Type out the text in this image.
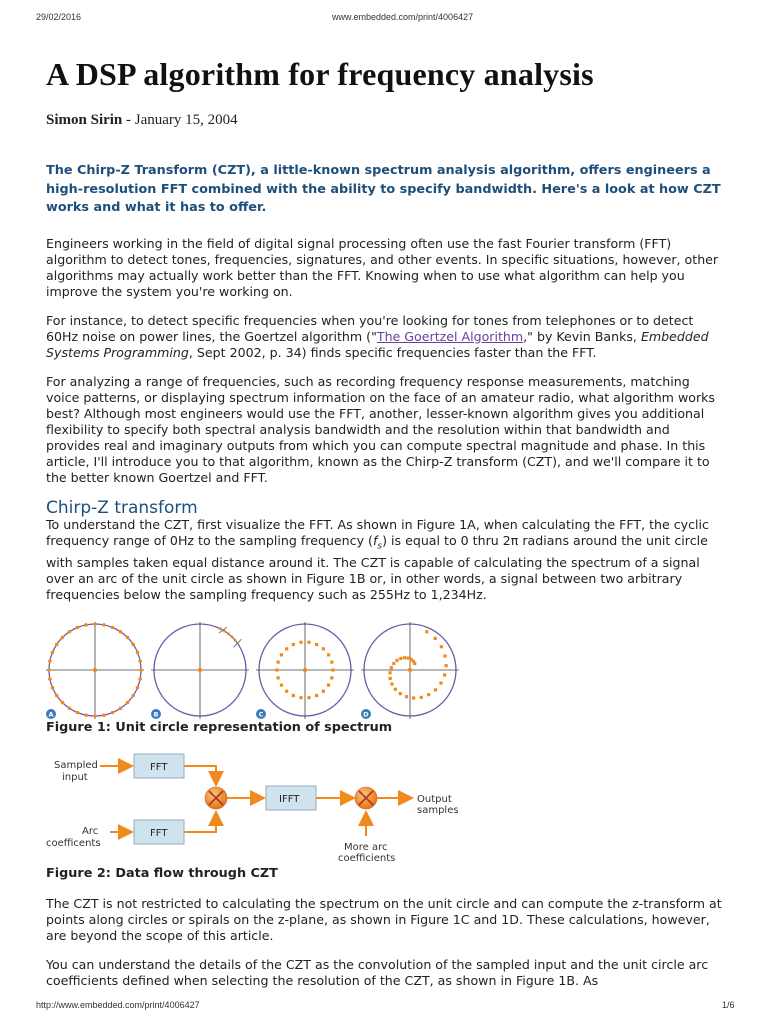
29/02/2016	www.embedded.com/print/4006427
A DSP algorithm for frequency analysis
Simon Sirin - January 15, 2004

The Chirp-Z Transform (CZT), a little-known spectrum analysis algorithm, offers engineers a high-resolution FFT combined with the ability to specify bandwidth. Here's a look at how CZT works and what it has to offer.

Engineers working in the field of digital signal processing often use the fast Fourier transform (FFT) algorithm to detect tones, frequencies, signatures, and other events. In specific situations, however, other algorithms may actually work better than the FFT. Knowing when to use what algorithm can help you improve the system you're working on.

For instance, to detect specific frequencies when you're looking for tones from telephones or to detect 60Hz noise on power lines, the Goertzel algorithm ("The Goertzel Algorithm," by Kevin Banks, Embedded Systems Programming, Sept 2002, p. 34) finds specific frequencies faster than the FFT.

For analyzing a range of frequencies, such as recording frequency response measurements, matching voice patterns, or displaying spectrum information on the face of an amateur radio, what algorithm works best? Although most engineers would use the FFT, another, lesser-known algorithm gives you additional flexibility to specify both spectral analysis bandwidth and the resolution within that bandwidth and provides real and imaginary outputs from which you can compute spectral magnitude and phase. In this article, I'll introduce you to that algorithm, known as the Chirp-Z transform (CZT), and we'll compare it to the better known Goertzel and FFT.

Chirp-Z transform

To understand the CZT, first visualize the FFT. As shown in Figure 1A, when calculating the FFT, the cyclic frequency range of 0Hz to the sampling frequency $(f_s)$ is equal to 0 thru 2π radians around the unit circle with samples taken equal distance around it. The CZT is capable of calculating the spectrum of a signal over an arc of the unit circle as shown in Figure 1B or, in other words, a signal between two arbitrary frequencies below the sampling frequency such as 255Hz to 1,234Hz.

A	B	C	D
Figure 1: Unit circle representation of spectrum
Sampled
input
Arc
coefficents
FFT
FFT
IFFT	Output
samples
More arc
coefficients
Figure 2: Data flow through CZT

The CZT is not restricted to calculating the spectrum on the unit circle and can compute the z-transform at points along circles or spirals on the z-plane, as shown in Figure 1C and 1D. These calculations, however, are beyond the scope of this article.

You can understand the details of the CZT as the convolution of the sampled input and the unit circle arc coefficients defined when selecting the resolution of the CZT, as shown in Figure 1B. As

http://www.embedded.com/print/4006427	1/6
